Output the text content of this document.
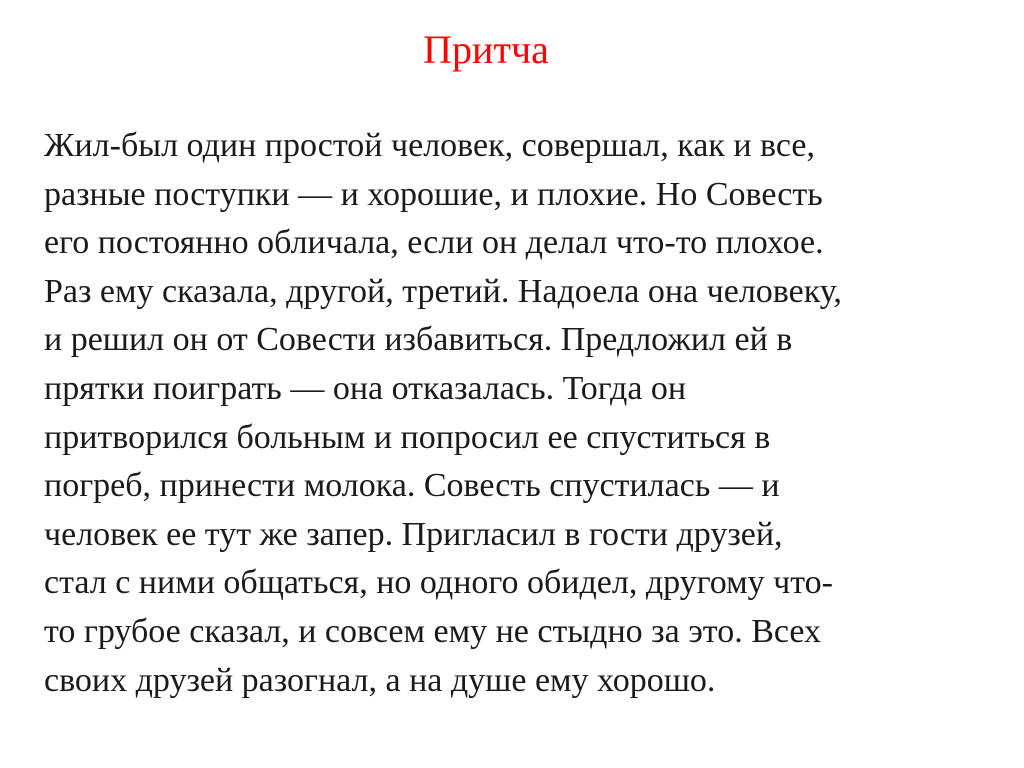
Притча
Жил-был один простой человек, совершал, как и все,
разные поступки — и хорошие, и плохие. Но Совесть
его постоянно обличала, если он делал что-то плохое.
Раз ему сказала, другой, третий. Надоела она человеку,
и решил он от Совести избавиться. Предложил ей в
прятки поиграть — она отказалась. Тогда он
притворился больным и попросил ее спуститься в
погреб, принести молока. Совесть спустилась — и
человек ее тут же запер. Пригласил в гости друзей,
стал с ними общаться, но одного обидел, другому что-
то грубое сказал, и совсем ему не стыдно за это. Всех
своих друзей разогнал, а на душе ему хорошо.
